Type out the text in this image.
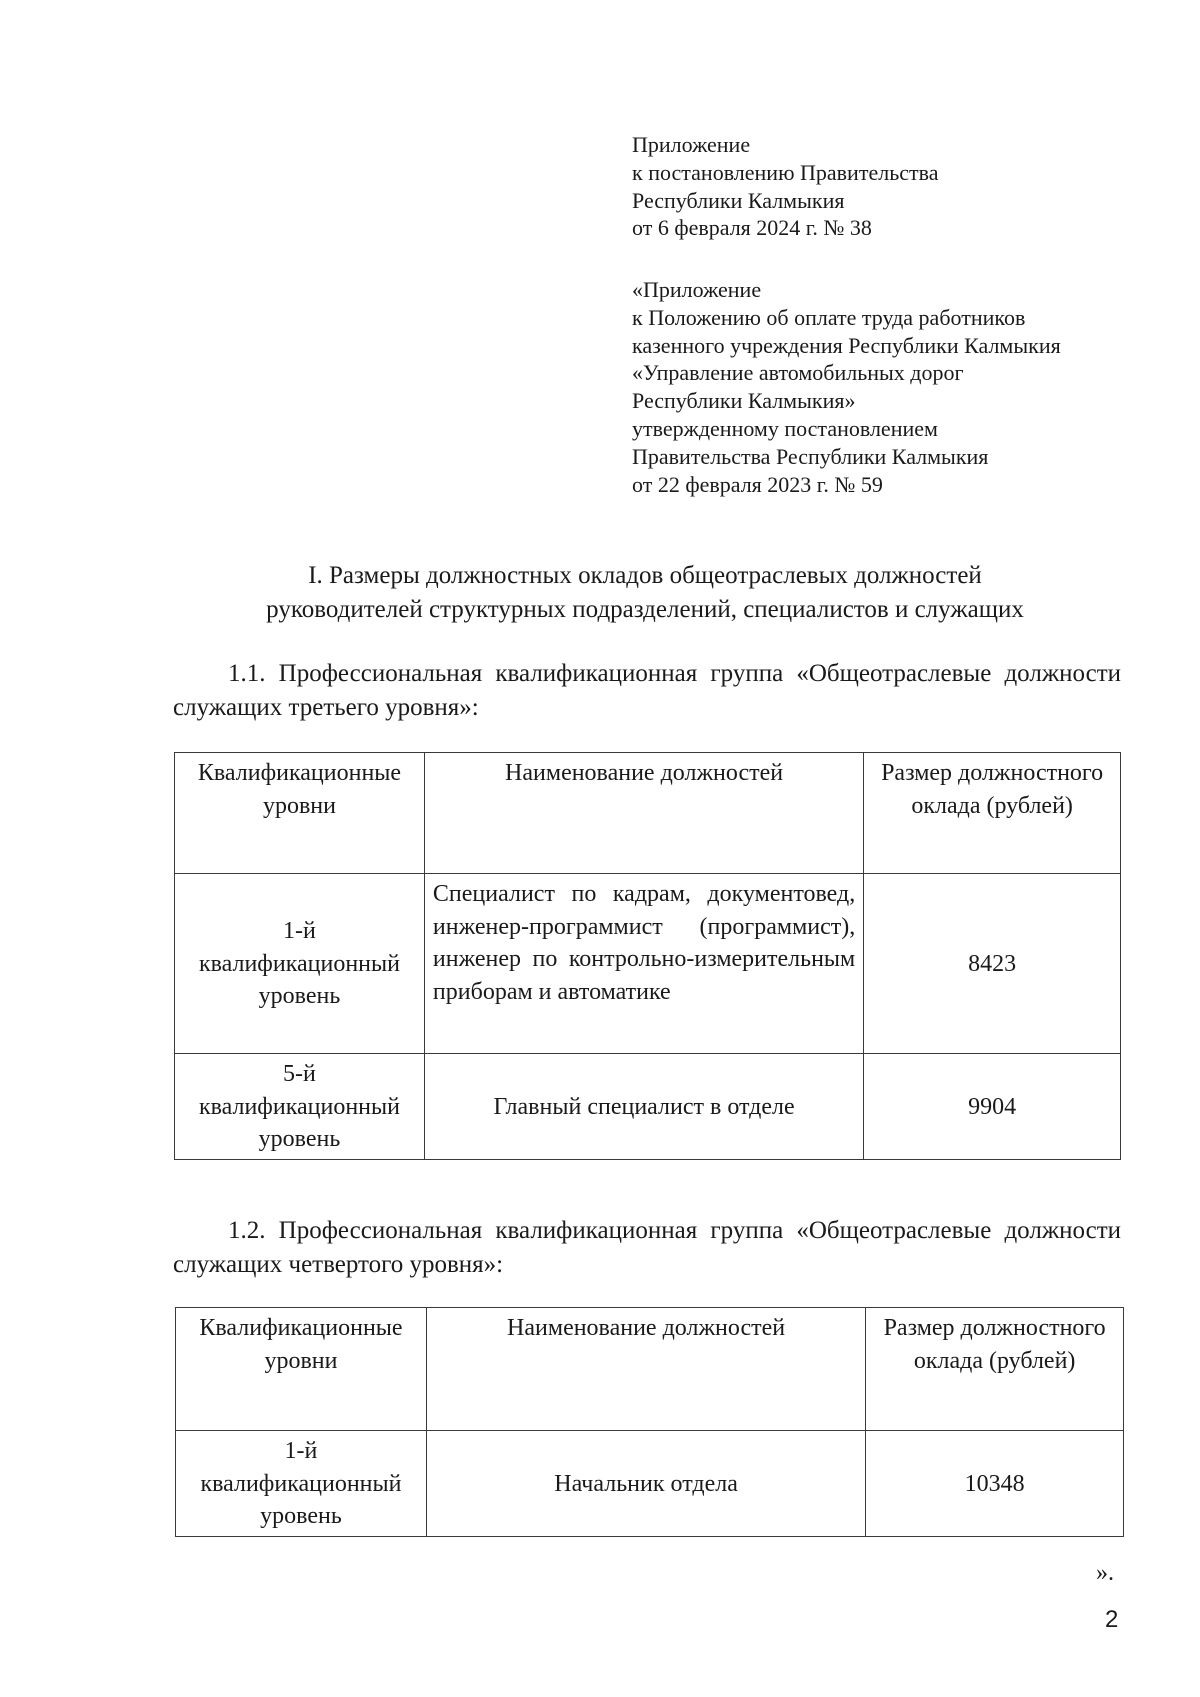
Приложение
к постановлению Правительства
Республики Калмыкия
от 6 февраля 2024 г. № 38
«Приложение
к Положению об оплате труда работников
казенного учреждения Республики Калмыкия
«Управление автомобильных дорог
Республики Калмыкия»
утвержденному постановлением
Правительства Республики Калмыкия
от 22 февраля 2023 г. № 59
I. Размеры должностных окладов общеотраслевых должностей
руководителей структурных подразделений, специалистов и служащих
1.1. Профессиональная квалификационная группа «Общеотраслевые должности служащих третьего уровня»:
Квалификационные уровни	Наименование должностей	Размер должностного оклада (рублей)
1-й квалификационный уровень	Специалист по кадрам, документовед, инженер-программист (программист), инженер по контрольно-измерительным приборам и автоматике	8423
5-й квалификационный уровень	Главный специалист в отделе	9904
1.2. Профессиональная квалификационная группа «Общеотраслевые должности служащих четвертого уровня»:
Квалификационные уровни	Наименование должностей	Размер должностного оклада (рублей)
1-й квалификационный уровень	Начальник отдела	10348
».
2
